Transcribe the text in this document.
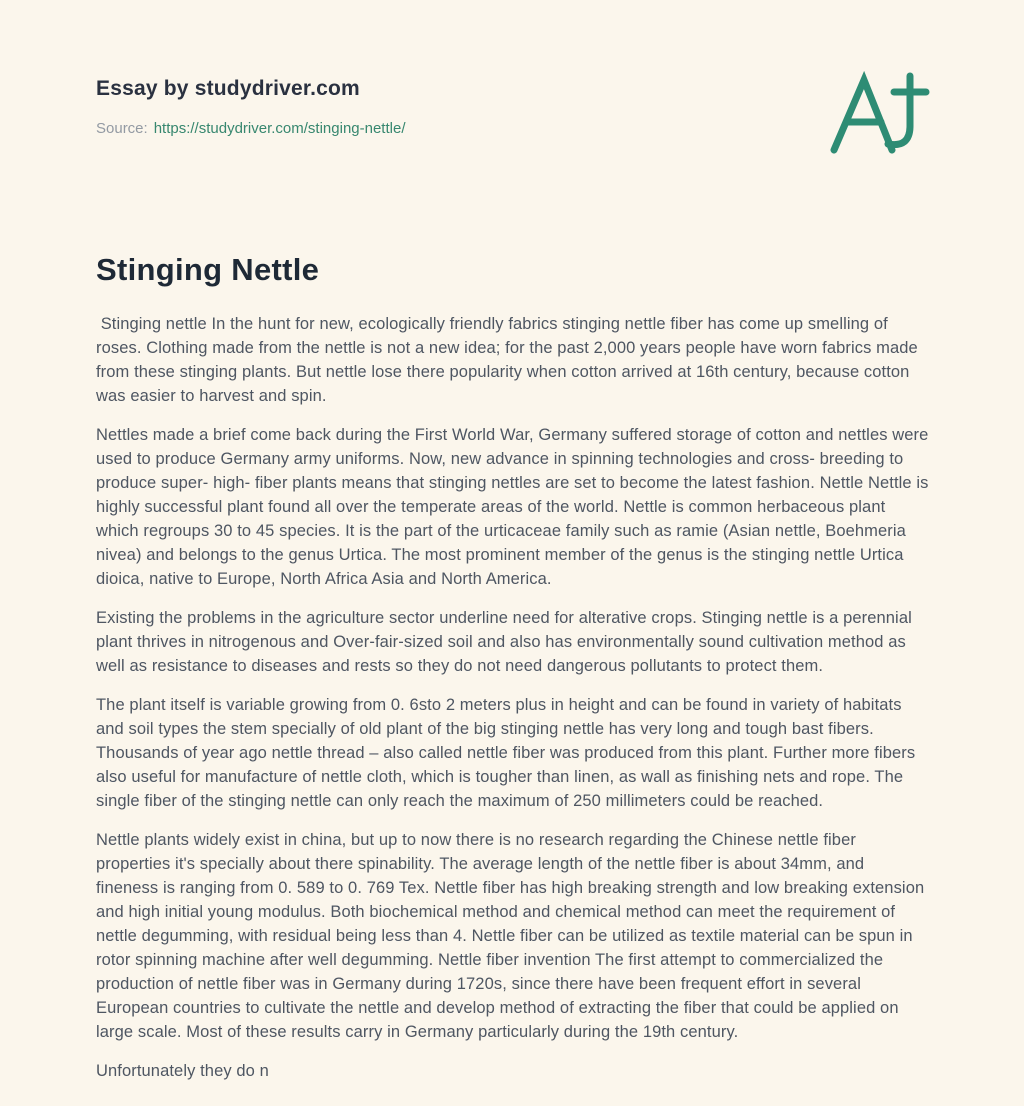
Essay by studydriver.com
Source: https://studydriver.com/stinging-nettle/
Stinging Nettle

Stinging nettle In the hunt for new, ecologically friendly fabrics stinging nettle fiber has come up smelling of roses. Clothing made from the nettle is not a new idea; for the past 2,000 years people have worn fabrics made from these stinging plants. But nettle lose there popularity when cotton arrived at 16th century, because cotton was easier to harvest and spin.

Nettles made a brief come back during the First World War, Germany suffered storage of cotton and nettles were used to produce Germany army uniforms. Now, new advance in spinning technologies and cross- breeding to produce super- high- fiber plants means that stinging nettles are set to become the latest fashion. Nettle Nettle is highly successful plant found all over the temperate areas of the world. Nettle is common herbaceous plant which regroups 30 to 45 species. It is the part of the urticaceae family such as ramie (Asian nettle, Boehmeria nivea) and belongs to the genus Urtica. The most prominent member of the genus is the stinging nettle Urtica dioica, native to Europe, North Africa Asia and North America.

Existing the problems in the agriculture sector underline need for alterative crops. Stinging nettle is a perennial plant thrives in nitrogenous and Over-fair-sized soil and also has environmentally sound cultivation method as well as resistance to diseases and rests so they do not need dangerous pollutants to protect them.

The plant itself is variable growing from 0. 6sto 2 meters plus in height and can be found in variety of habitats and soil types the stem specially of old plant of the big stinging nettle has very long and tough bast fibers. Thousands of year ago nettle thread – also called nettle fiber was produced from this plant. Further more fibers also useful for manufacture of nettle cloth, which is tougher than linen, as wall as finishing nets and rope. The single fiber of the stinging nettle can only reach the maximum of 250 millimeters could be reached.

Nettle plants widely exist in china, but up to now there is no research regarding the Chinese nettle fiber properties it's specially about there spinability. The average length of the nettle fiber is about 34mm, and fineness is ranging from 0. 589 to 0. 769 Tex. Nettle fiber has high breaking strength and low breaking extension and high initial young modulus. Both biochemical method and chemical method can meet the requirement of nettle degumming, with residual being less than 4. Nettle fiber can be utilized as textile material can be spun in rotor spinning machine after well degumming. Nettle fiber invention The first attempt to commercialized the production of nettle fiber was in Germany during 1720s, since there have been frequent effort in several European countries to cultivate the nettle and develop method of extracting the fiber that could be applied on large scale. Most of these results carry in Germany particularly during the 19th century.

Unfortunately they do n
